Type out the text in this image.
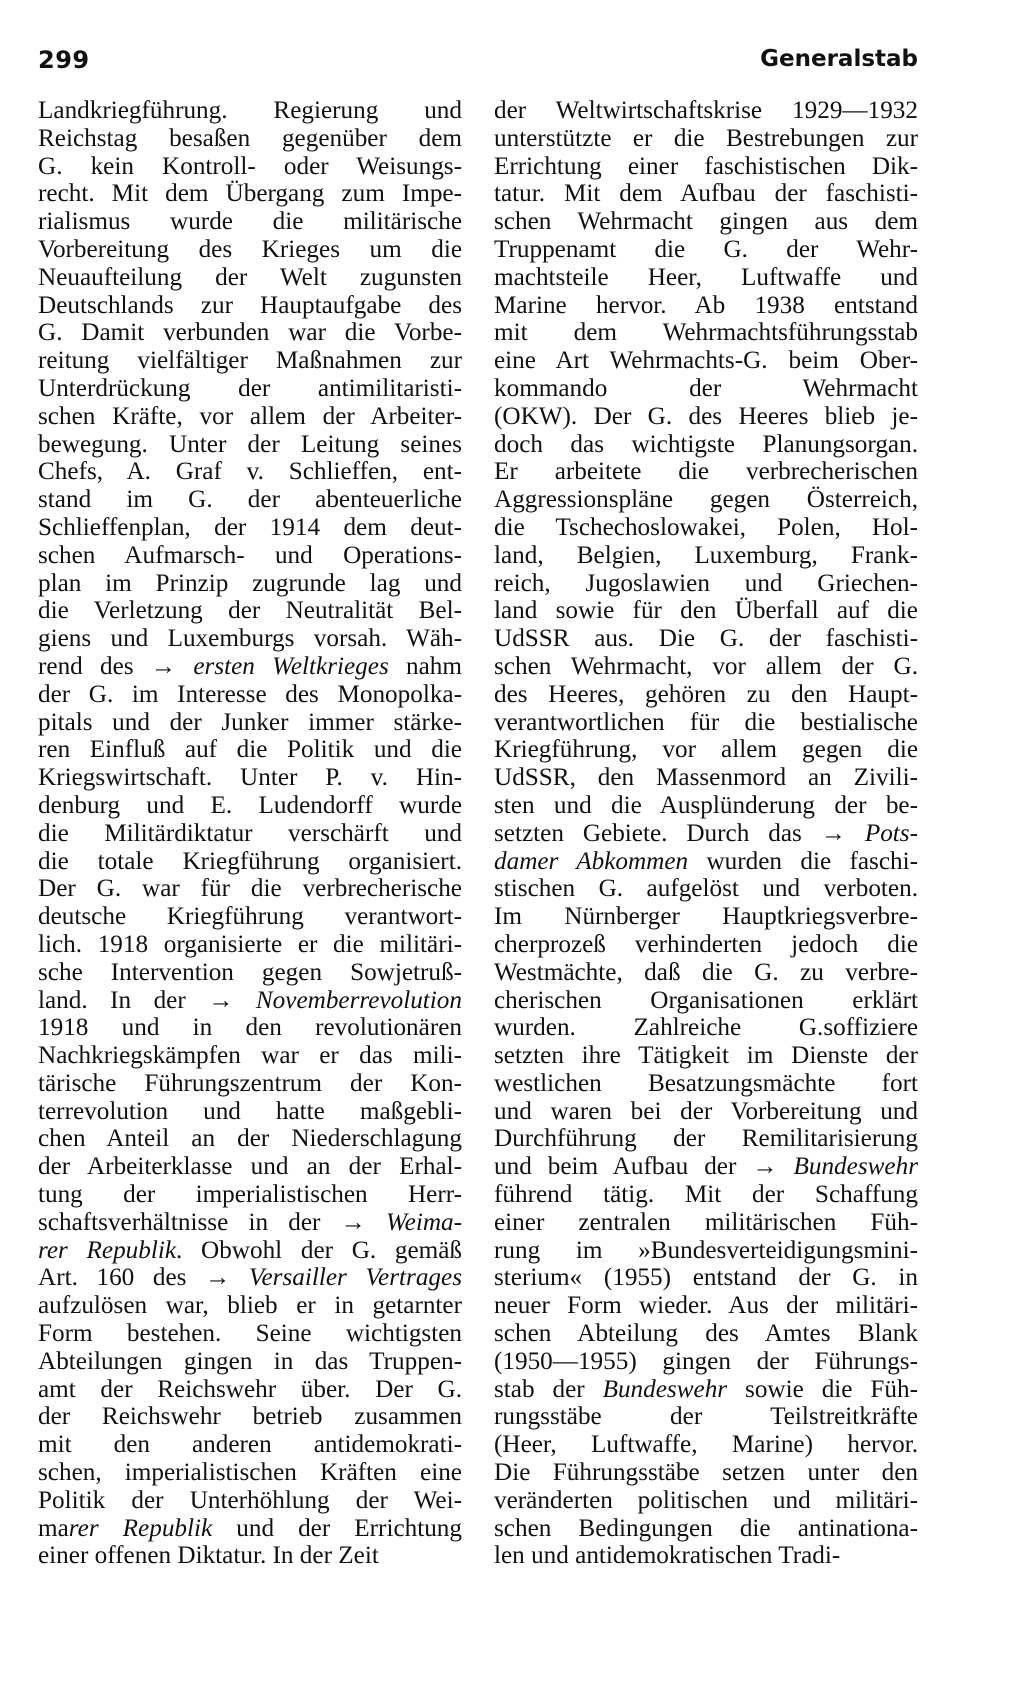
299	Generalstab
Landkriegführung. Regierung und
Reichstag besaßen gegenüber dem
G. kein Kontroll- oder Weisungs-
recht. Mit dem Übergang zum Impe-
rialismus wurde die militärische
Vorbereitung des Krieges um die
Neuaufteilung der Welt zugunsten
Deutschlands zur Hauptaufgabe des
G. Damit verbunden war die Vorbe-
reitung vielfältiger Maßnahmen zur
Unterdrückung der antimilitaristi-
schen Kräfte, vor allem der Arbeiter-
bewegung. Unter der Leitung seines
Chefs, A. Graf v. Schlieffen, ent-
stand im G. der abenteuerliche
Schlieffenplan, der 1914 dem deut-
schen Aufmarsch- und Operations-
plan im Prinzip zugrunde lag und
die Verletzung der Neutralität Bel-
giens und Luxemburgs vorsah. Wäh-
rend des → ersten Weltkrieges nahm
der G. im Interesse des Monopolka-
pitals und der Junker immer stärke-
ren Einfluß auf die Politik und die
Kriegswirtschaft. Unter P. v. Hin-
denburg und E. Ludendorff wurde
die Militärdiktatur verschärft und
die totale Kriegführung organisiert.
Der G. war für die verbrecherische
deutsche Kriegführung verantwort-
lich. 1918 organisierte er die militäri-
sche Intervention gegen Sowjetruß-
land. In der → Novemberrevolution
1918 und in den revolutionären
Nachkriegskämpfen war er das mili-
tärische Führungszentrum der Kon-
terrevolution und hatte maßgebli-
chen Anteil an der Niederschlagung
der Arbeiterklasse und an der Erhal-
tung der imperialistischen Herr-
schaftsverhältnisse in der → Weima-
rer Republik. Obwohl der G. gemäß
Art. 160 des → Versailler Vertrages
aufzulösen war, blieb er in getarnter
Form bestehen. Seine wichtigsten
Abteilungen gingen in das Truppen-
amt der Reichswehr über. Der G.
der Reichswehr betrieb zusammen
mit den anderen antidemokrati-
schen, imperialistischen Kräften eine
Politik der Unterhöhlung der Wei-
marer Republik und der Errichtung
einer offenen Diktatur. In der Zeit
der Weltwirtschaftskrise 1929—1932
unterstützte er die Bestrebungen zur
Errichtung einer faschistischen Dik-
tatur. Mit dem Aufbau der faschisti-
schen Wehrmacht gingen aus dem
Truppenamt die G. der Wehr-
machtsteile Heer, Luftwaffe und
Marine hervor. Ab 1938 entstand
mit dem Wehrmachtsführungsstab
eine Art Wehrmachts-G. beim Ober-
kommando der Wehrmacht
(OKW). Der G. des Heeres blieb je-
doch das wichtigste Planungsorgan.
Er arbeitete die verbrecherischen
Aggressionspläne gegen Österreich,
die Tschechoslowakei, Polen, Hol-
land, Belgien, Luxemburg, Frank-
reich, Jugoslawien und Griechen-
land sowie für den Überfall auf die
UdSSR aus. Die G. der faschisti-
schen Wehrmacht, vor allem der G.
des Heeres, gehören zu den Haupt-
verantwortlichen für die bestialische
Kriegführung, vor allem gegen die
UdSSR, den Massenmord an Zivili-
sten und die Ausplünderung der be-
setzten Gebiete. Durch das → Pots-
damer Abkommen wurden die faschi-
stischen G. aufgelöst und verboten.
Im Nürnberger Hauptkriegsverbre-
cherprozeß verhinderten jedoch die
Westmächte, daß die G. zu verbre-
cherischen Organisationen erklärt
wurden. Zahlreiche G.soffiziere
setzten ihre Tätigkeit im Dienste der
westlichen Besatzungsmächte fort
und waren bei der Vorbereitung und
Durchführung der Remilitarisierung
und beim Aufbau der → Bundeswehr
führend tätig. Mit der Schaffung
einer zentralen militärischen Füh-
rung im »Bundesverteidigungsmini-
sterium« (1955) entstand der G. in
neuer Form wieder. Aus der militäri-
schen Abteilung des Amtes Blank
(1950—1955) gingen der Führungs-
stab der Bundeswehr sowie die Füh-
rungsstäbe der Teilstreitkräfte
(Heer, Luftwaffe, Marine) hervor.
Die Führungsstäbe setzen unter den
veränderten politischen und militäri-
schen Bedingungen die antinationa-
len und antidemokratischen Tradi-
